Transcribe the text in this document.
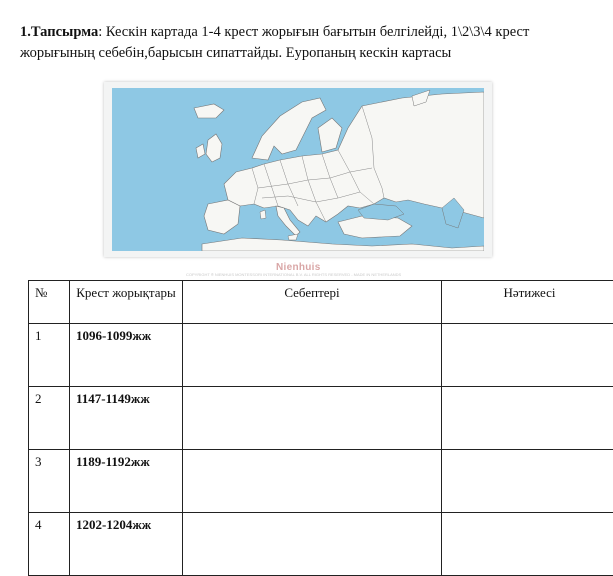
1.Тапсырма: Кескін картада 1-4 крест жорығын бағытын белгілейді, 1\2\3\4 крест жорығының себебін,барысын сипаттайды. Еуропаның кескін картасы
Nienhuis
COPYRIGHT ® NIENHUIS MONTESSORI INTERNATIONAL B.V. ALL RIGHTS RESERVED - MADE IN NETHERLANDS
№	Крест жорықтары	Себептері	Нәтижесі
1	1096-1099жж		
2	1147-1149жж		
3	1189-1192жж		
4	1202-1204жж		
